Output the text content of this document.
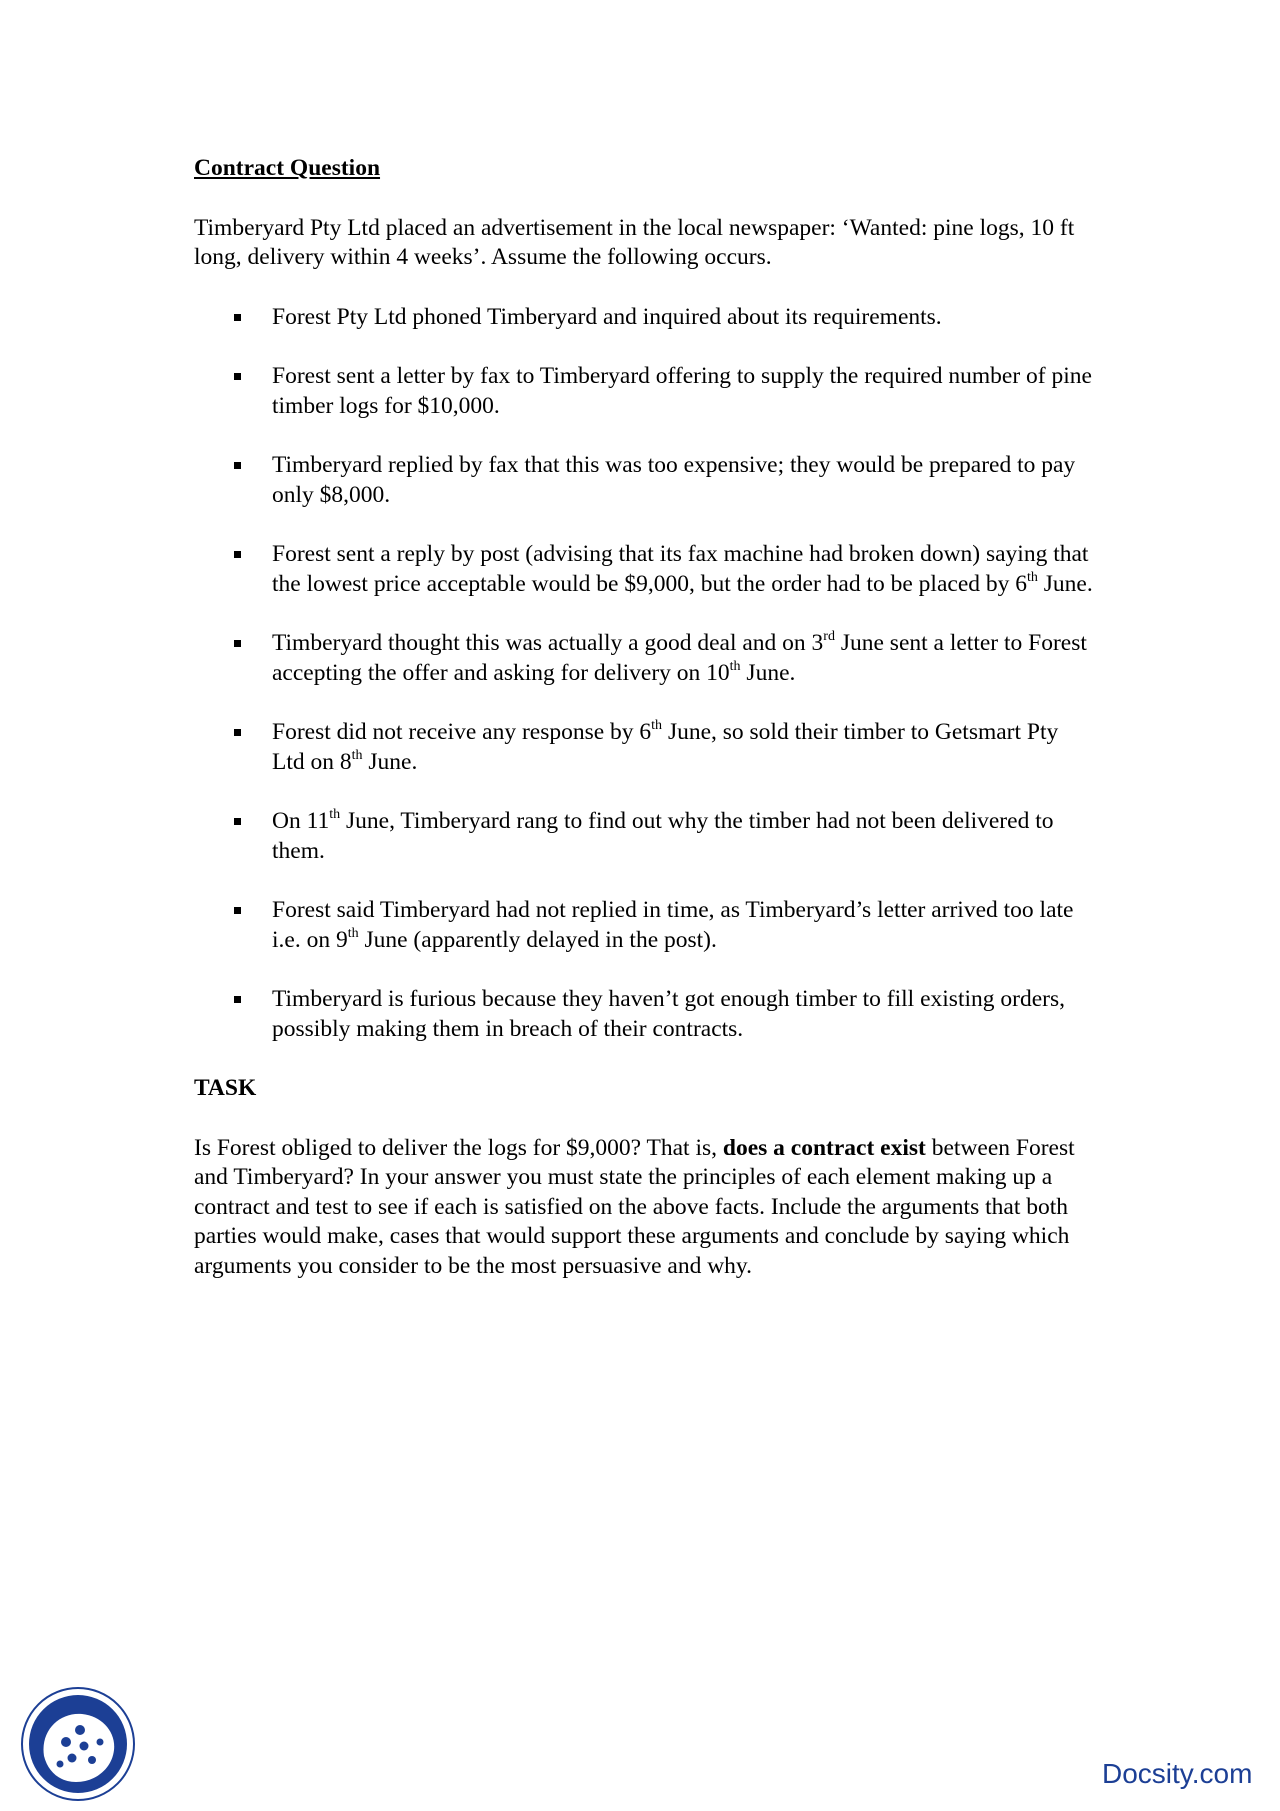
Contract Question
Timberyard Pty Ltd placed an advertisement in the local newspaper: ‘Wanted: pine logs, 10 ft long, delivery within 4 weeks’. Assume the following occurs.
Forest Pty Ltd phoned Timberyard and inquired about its requirements.
Forest sent a letter by fax to Timberyard offering to supply the required number of pine timber logs for $10,000.
Timberyard replied by fax that this was too expensive; they would be prepared to pay only $8,000.
Forest sent a reply by post (advising that its fax machine had broken down) saying that the lowest price acceptable would be $9,000, but the order had to be placed by 6th June.
Timberyard thought this was actually a good deal and on 3rd June sent a letter to Forest accepting the offer and asking for delivery on 10th June.
Forest did not receive any response by 6th June, so sold their timber to Getsmart Pty Ltd on 8th June.
On 11th June, Timberyard rang to find out why the timber had not been delivered to them.
Forest said Timberyard had not replied in time, as Timberyard’s letter arrived too late i.e. on 9th June (apparently delayed in the post).
Timberyard is furious because they haven’t got enough timber to fill existing orders, possibly making them in breach of their contracts.
TASK
Is Forest obliged to deliver the logs for $9,000? That is, does a contract exist between Forest and Timberyard? In your answer you must state the principles of each element making up a contract and test to see if each is satisfied on the above facts. Include the arguments that both parties would make, cases that would support these arguments and conclude by saying which arguments you consider to be the most persuasive and why.
Docsity.com
